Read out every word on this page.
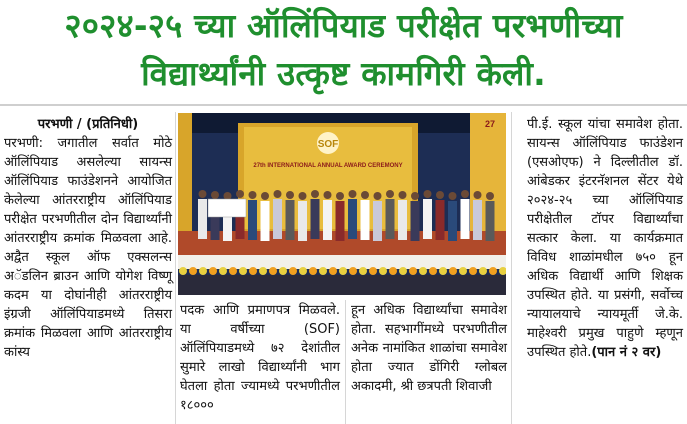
२०२४-२५ च्या ऑलिंपियाड परीक्षेत परभणीच्या
विद्यार्थ्यांनी उत्कृष्ट कामगिरी केली.
परभणी / (प्रतिनिधी)

परभणी: जगातील सर्वात मोठे ऑलिंपियाड असलेल्या सायन्स ऑलिंपियाड फाउंडेशनने आयोजित केलेल्या आंतरराष्ट्रीय ऑलिंपियाड परीक्षेत परभणीतील दोन विद्यार्थ्यांनी आंतरराष्ट्रीय क्रमांक मिळवला आहे. अद्वैत स्कूल ऑफ एक्सलन्स अॅडलिन ब्राउन आणि योगेश विष्णू कदम या दोघांनीही आंतरराष्ट्रीय इंग्रजी ऑलिंपियाडमध्ये तिसरा क्रमांक मिळवला आणि आंतरराष्ट्रीय कांस्य

SOF
27th INTERNATIONAL ANNUAL AWARD CEREMONY
27

पदक आणि प्रमाणपत्र मिळवले. या वर्षीच्या (SOF) ऑलिंपियाडमध्ये ७२ देशांतील सुमारे लाखो विद्यार्थ्यांनी भाग घेतला होता ज्यामध्ये परभणीतील १८०००

हून अधिक विद्यार्थ्यांचा समावेश होता. सहभागींमध्ये परभणीतील अनेक नामांकित शाळांचा समावेश होता ज्यात डोंगिरी ग्लोबल अकादमी, श्री छत्रपती शिवाजी

पी.ई. स्कूल यांचा समावेश होता. सायन्स ऑलिंपियाड फाउंडेशन (एसओएफ) ने दिल्लीतील डॉ. आंबेडकर इंटरनॅशनल सेंटर येथे २०२४-२५ च्या ऑलिंपियाड परीक्षेतील टॉपर विद्यार्थ्यांचा सत्कार केला. या कार्यक्रमात विविध शाळांमधील ७५० हून अधिक विद्यार्थी आणि शिक्षक उपस्थित होते. या प्रसंगी, सर्वोच्च न्यायालयाचे न्यायमूर्ती जे.के. माहेश्वरी प्रमुख पाहुणे म्हणून उपस्थित होते.(पान नं २ वर)
